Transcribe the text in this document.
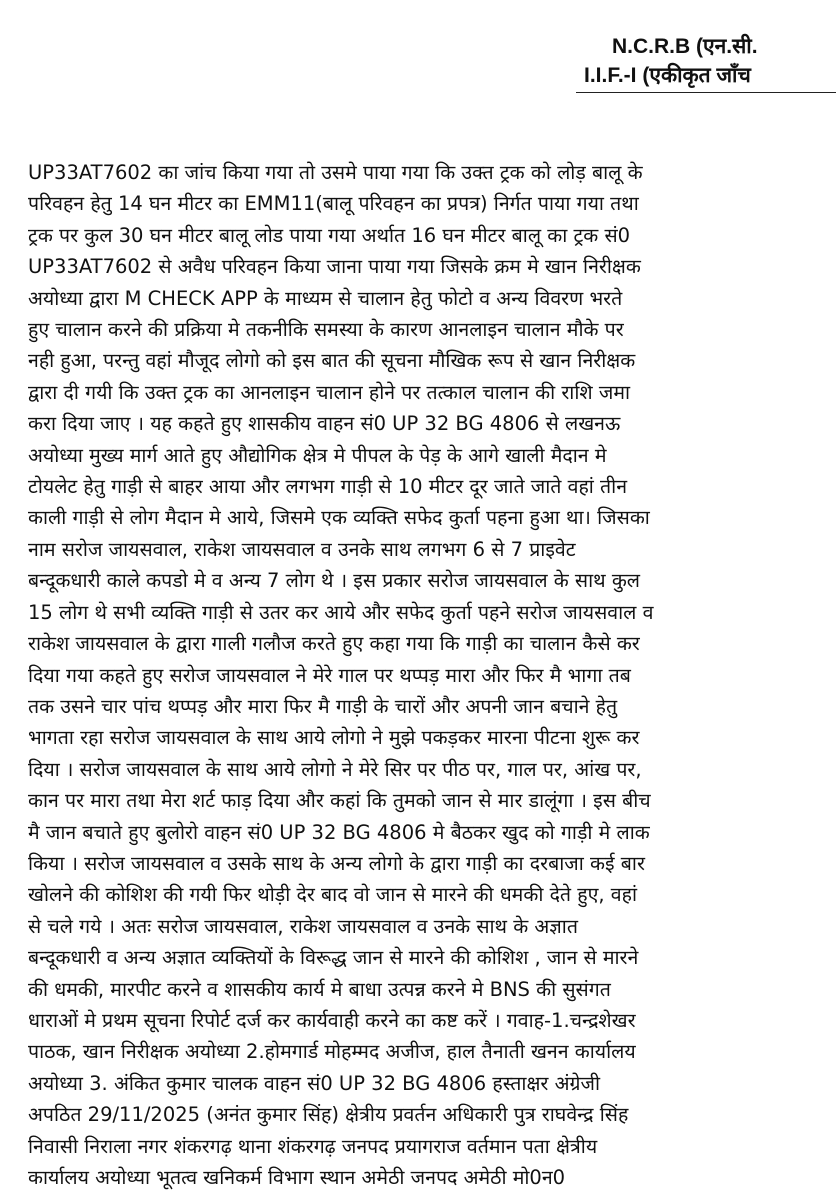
N.C.R.B (एन.सी.
I.I.F.-I (एकीकृत जाँच
UP33AT7602 का जांच किया गया तो उसमे पाया गया कि उक्त ट्रक को लोड़ बालू के
परिवहन हेतु 14 घन मीटर का EMM11(बालू परिवहन का प्रपत्र) निर्गत पाया गया तथा
ट्रक पर कुल 30 घन मीटर बालू लोड पाया गया अर्थात 16 घन मीटर बालू का ट्रक सं0
UP33AT7602 से अवैध परिवहन किया जाना पाया गया जिसके क्रम मे खान निरीक्षक
अयोध्या द्वारा M CHECK APP के माध्यम से चालान हेतु फोटो व अन्य विवरण भरते
हुए चालान करने की प्रक्रिया मे तकनीकि समस्या के कारण आनलाइन चालान मौके पर
नही हुआ, परन्तु वहां मौजूद लोगो को इस बात की सूचना मौखिक रूप से खान निरीक्षक
द्वारा दी गयी कि उक्त ट्रक का आनलाइन चालान होने पर तत्काल चालान की राशि जमा
करा दिया जाए । यह कहते हुए शासकीय वाहन सं0 UP 32 BG 4806 से लखनऊ
अयोध्या मुख्य मार्ग आते हुए औद्योगिक क्षेत्र मे पीपल के पेड़ के आगे खाली मैदान मे
टोयलेट हेतु गाड़ी से बाहर आया और लगभग गाड़ी से 10 मीटर दूर जाते जाते वहां तीन
काली गाड़ी से लोग मैदान मे आये, जिसमे एक व्यक्ति सफेद कुर्ता पहना हुआ था। जिसका
नाम सरोज जायसवाल, राकेश जायसवाल व उनके साथ लगभग 6 से 7 प्राइवेट
बन्दूकधारी काले कपडो मे व अन्य 7 लोग थे । इस प्रकार सरोज जायसवाल के साथ कुल
15 लोग थे सभी व्यक्ति गाड़ी से उतर कर आये और सफेद कुर्ता पहने सरोज जायसवाल व
राकेश जायसवाल के द्वारा गाली गलौज करते हुए कहा गया कि गाड़ी का चालान कैसे कर
दिया गया कहते हुए सरोज जायसवाल ने मेरे गाल पर थप्पड़ मारा और फिर मै भागा तब
तक उसने चार पांच थप्पड़ और मारा फिर मै गाड़ी के चारों और अपनी जान बचाने हेतु
भागता रहा सरोज जायसवाल के साथ आये लोगो ने मुझे पकड़कर मारना पीटना शुरू कर
दिया । सरोज जायसवाल के साथ आये लोगो ने मेरे सिर पर पीठ पर, गाल पर, आंख पर,
कान पर मारा तथा मेरा शर्ट फाड़ दिया और कहां कि तुमको जान से मार डालूंगा । इस बीच
मै जान बचाते हुए बुलोरो वाहन सं0 UP 32 BG 4806 मे बैठकर खुद को गाड़ी मे लाक
किया । सरोज जायसवाल व उसके साथ के अन्य लोगो के द्वारा गाड़ी का दरबाजा कई बार
खोलने की कोशिश की गयी फिर थोड़ी देर बाद वो जान से मारने की धमकी देते हुए, वहां
से चले गये । अतः सरोज जायसवाल, राकेश जायसवाल व उनके साथ के अज्ञात
बन्दूकधारी व अन्य अज्ञात व्यक्तियों के विरूद्ध जान से मारने की कोशिश , जान से मारने
की धमकी, मारपीट करने व शासकीय कार्य मे बाधा उत्पन्न करने मे BNS की सुसंगत
धाराओं मे प्रथम सूचना रिपोर्ट दर्ज कर कार्यवाही करने का कष्ट करें । गवाह-1.चन्द्रशेखर
पाठक, खान निरीक्षक अयोध्या 2.होमगार्ड मोहम्मद अजीज, हाल तैनाती खनन कार्यालय
अयोध्या 3. अंकित कुमार चालक वाहन सं0 UP 32 BG 4806 हस्ताक्षर अंग्रेजी
अपठित 29/11/2025 (अनंत कुमार सिंह) क्षेत्रीय प्रवर्तन अधिकारी पुत्र राघवेन्द्र सिंह
निवासी निराला नगर शंकरगढ़ थाना शंकरगढ़ जनपद प्रयागराज वर्तमान पता क्षेत्रीय
कार्यालय अयोध्या भूतत्व खनिकर्म विभाग स्थान अमेठी जनपद अमेठी मो0न0
